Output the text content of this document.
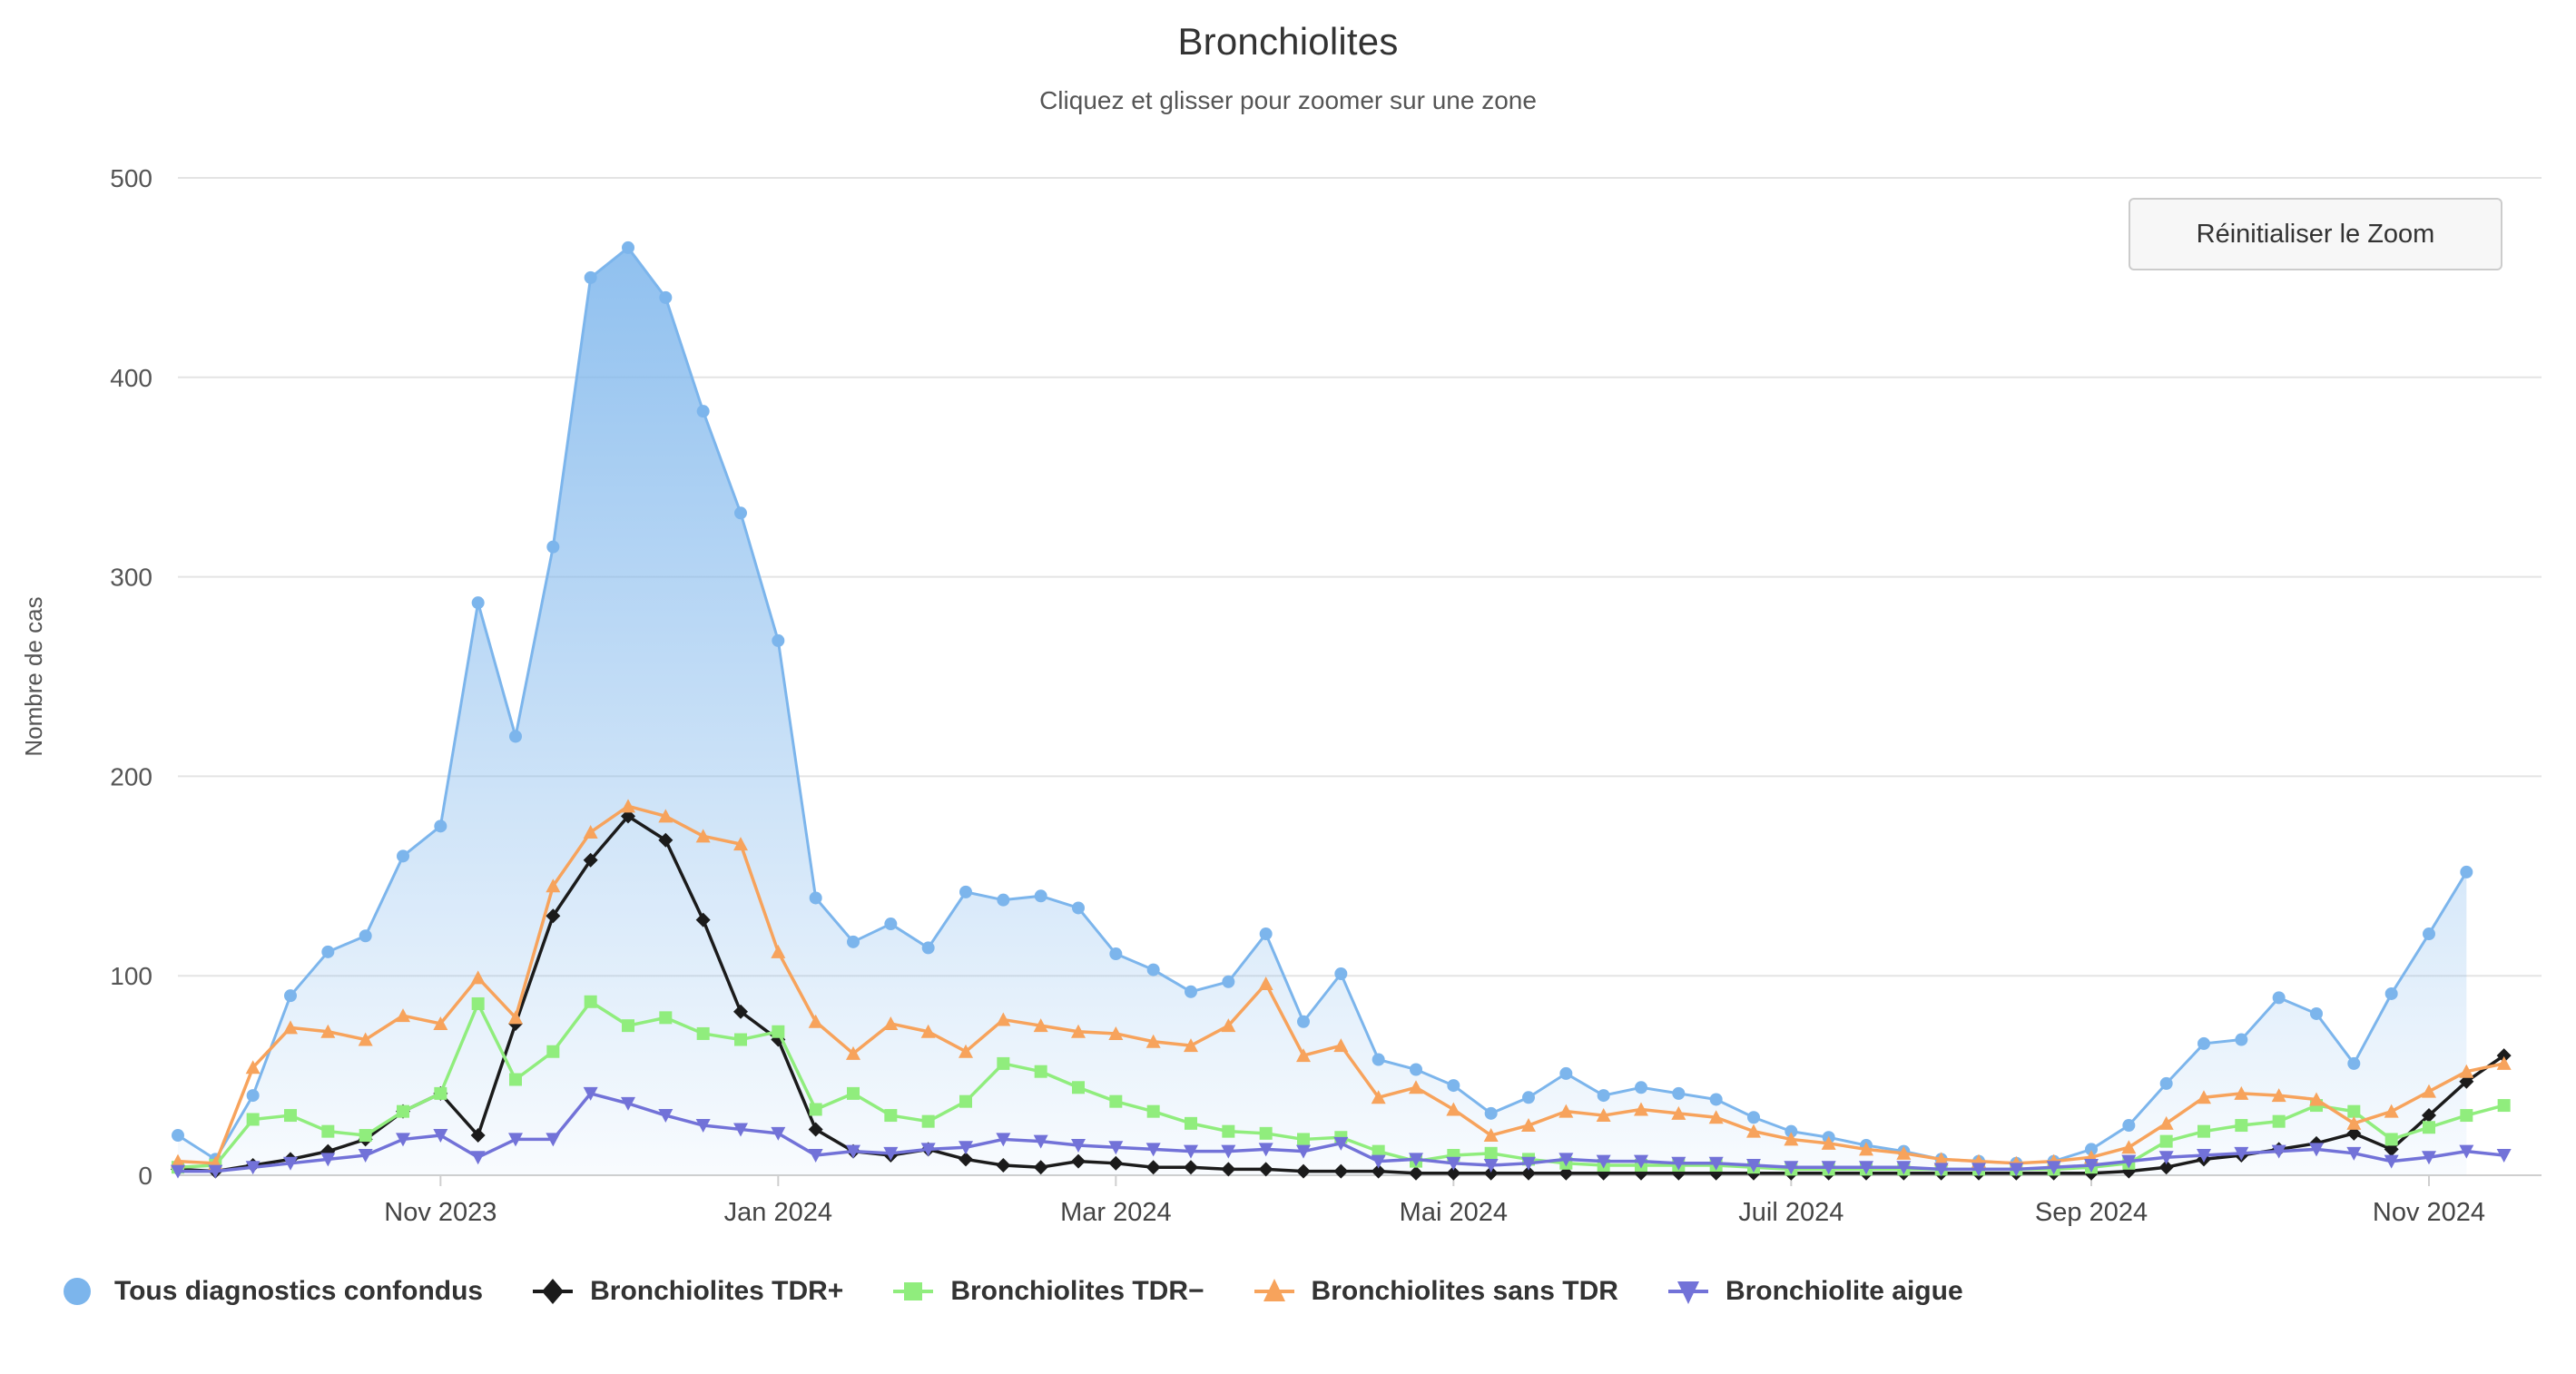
Bronchiolites
Cliquez et glisser pour zoomer sur une zone
Réinitialiser le Zoom
0
100
200
300
400
500
Nombre de cas
Nov 2023	Jan 2024	Mar 2024	Mai 2024	Juil 2024	Sep 2024	Nov 2024
Tous diagnostics confondus	Bronchiolites TDR+	Bronchiolites TDR−	Bronchiolites sans TDR	Bronchiolite aigue
